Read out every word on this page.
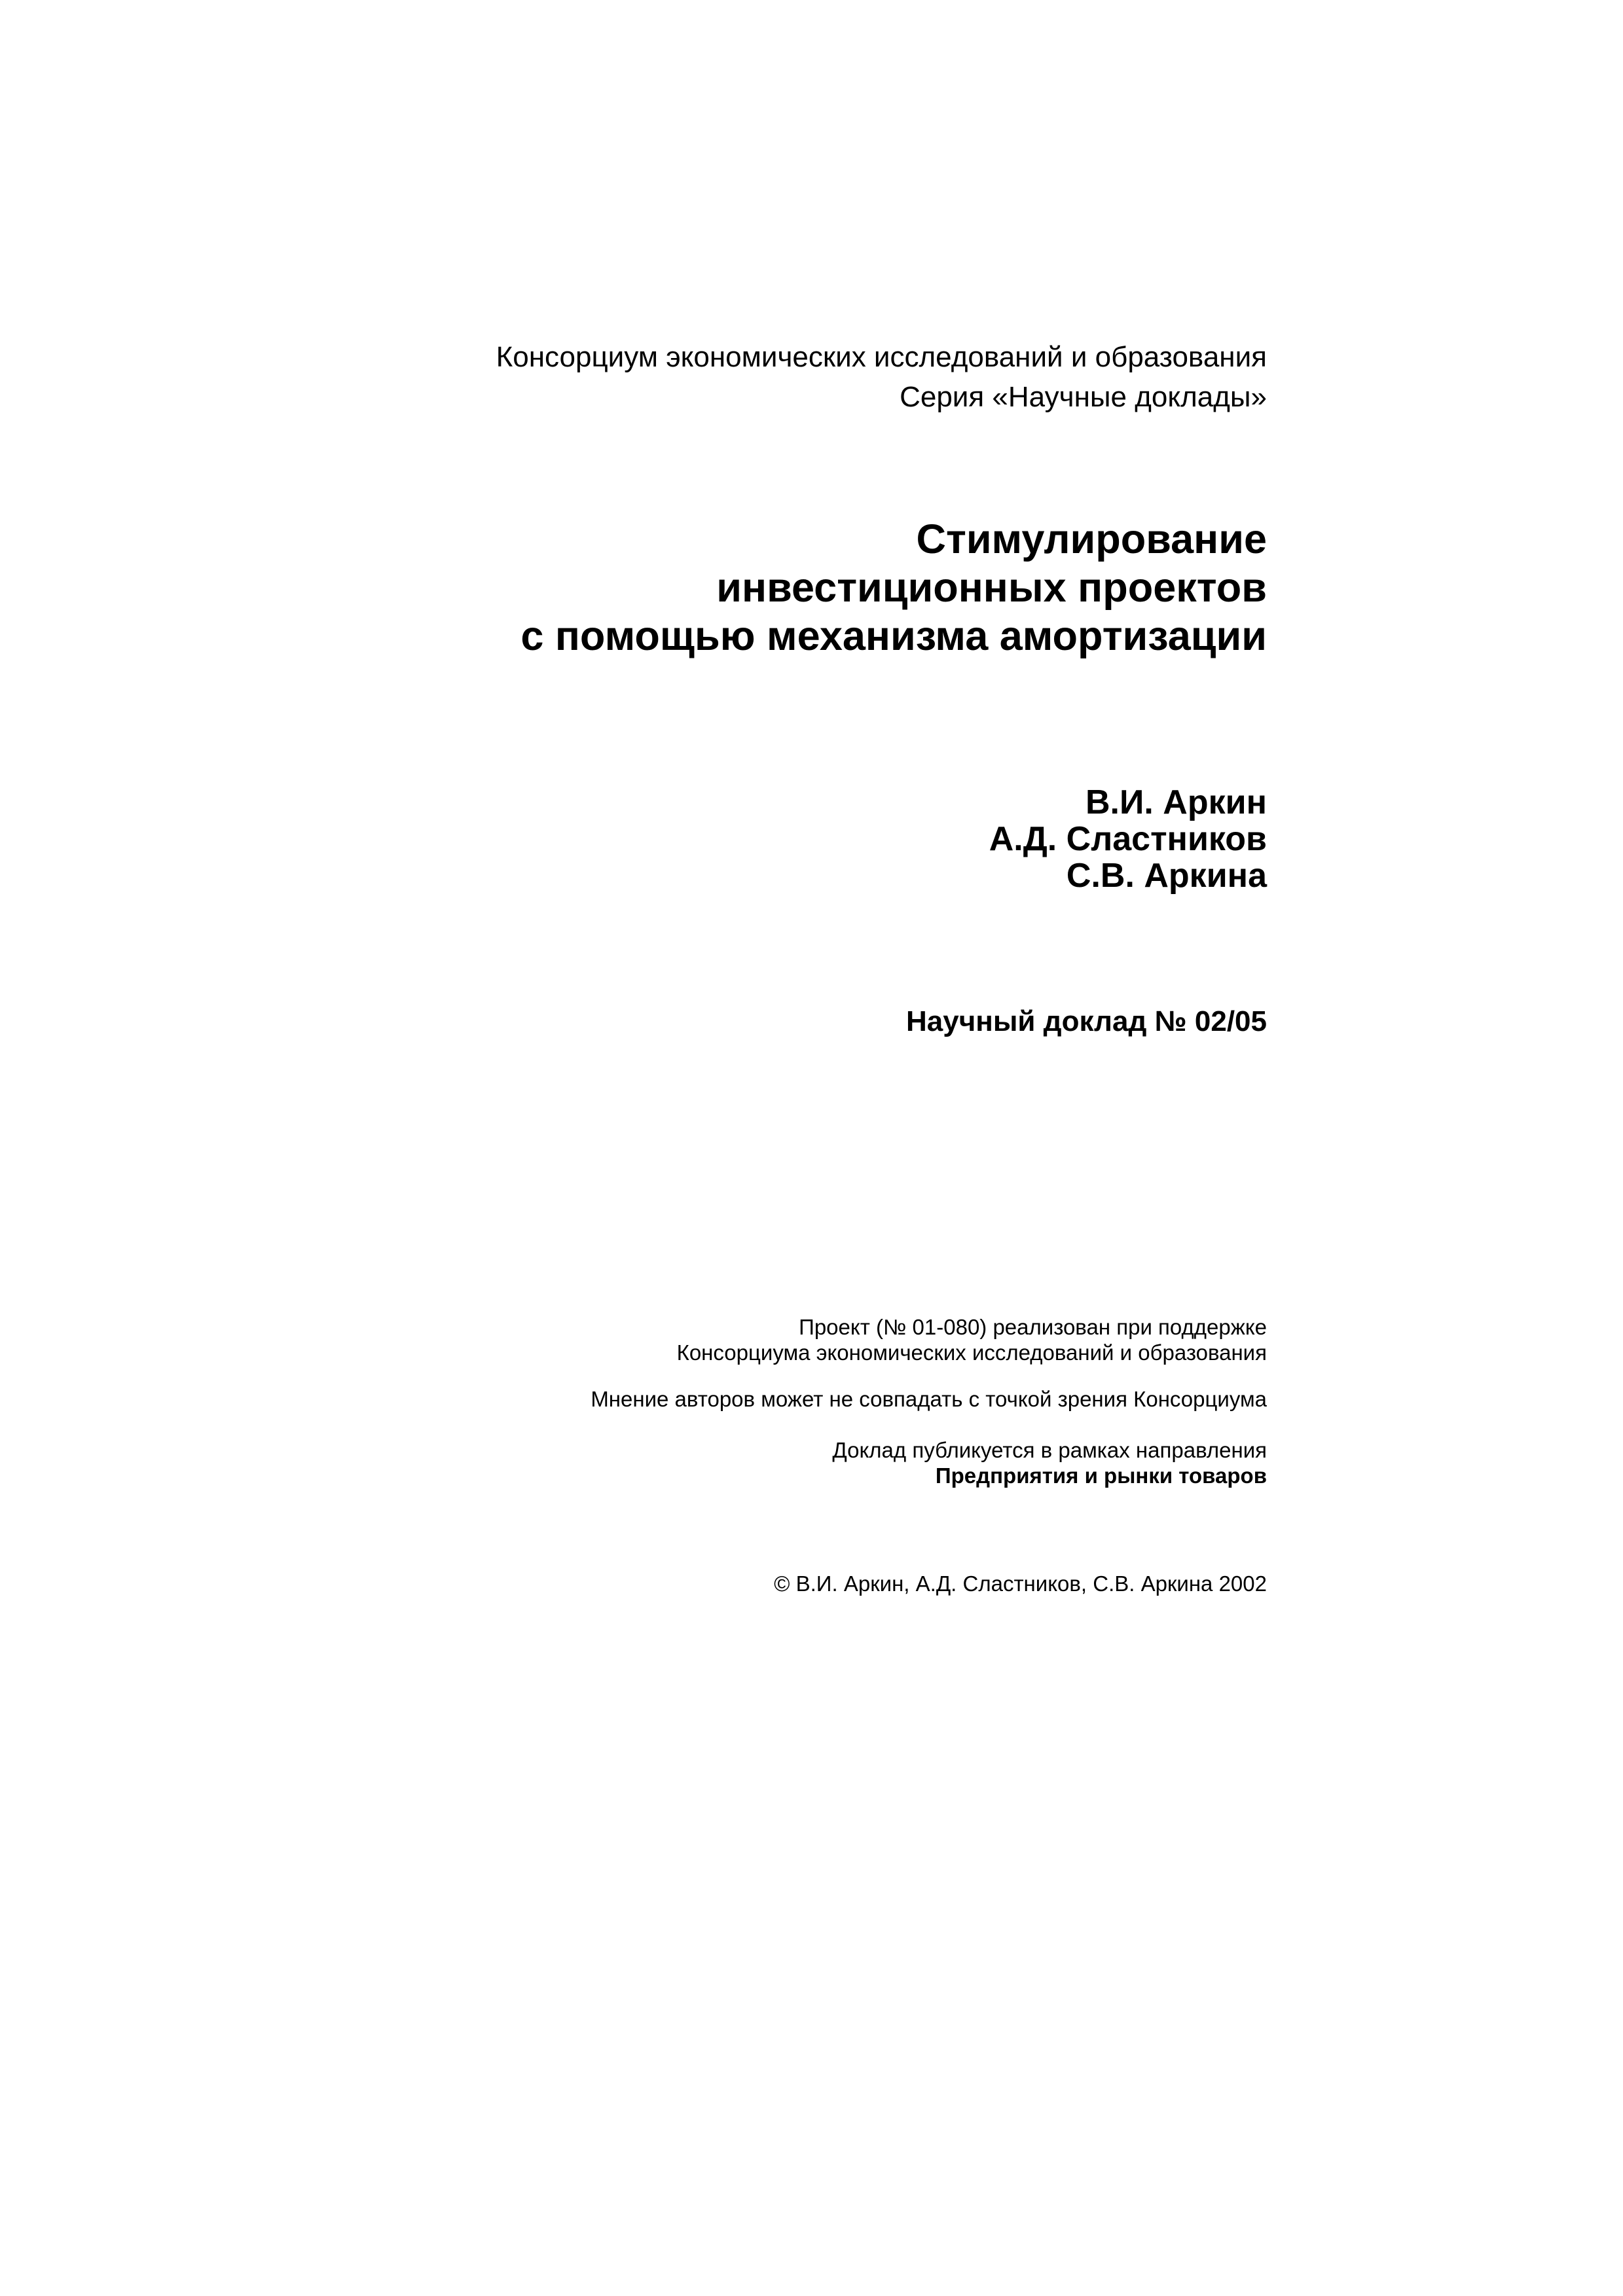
Консорциум экономических исследований и образования
Серия «Научные доклады»
Стимулирование
инвестиционных проектов
с помощью механизма амортизации
В.И. Аркин
А.Д. Сластников
С.В. Аркина
Научный доклад № 02/05
Проект (№ 01-080) реализован при поддержке
Консорциума экономических исследований и образования
Мнение авторов может не совпадать с точкой зрения Консорциума
Доклад публикуется в рамках направления
Предприятия и рынки товаров
© В.И. Аркин, А.Д. Сластников, С.В. Аркина 2002
